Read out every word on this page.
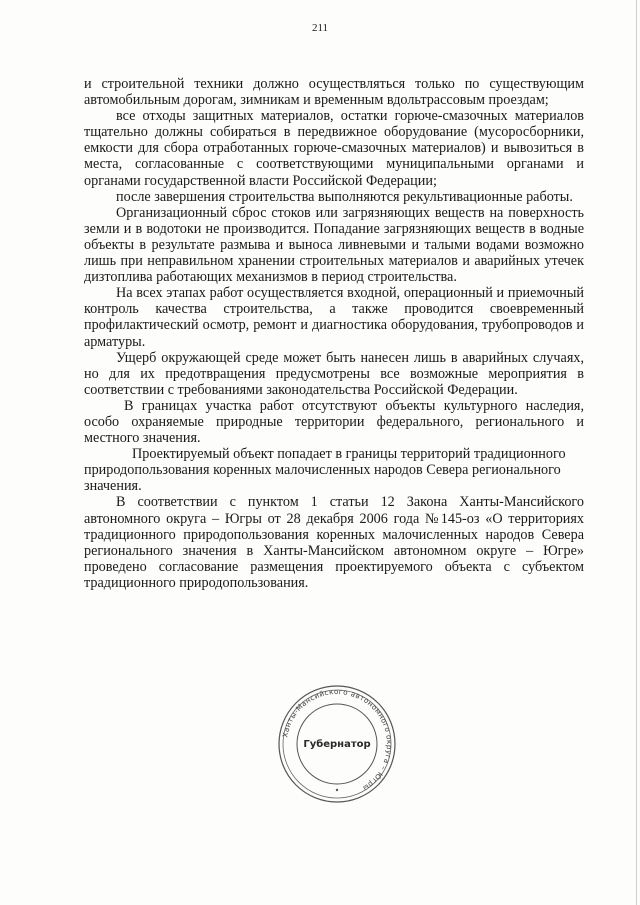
211

и строительной техники должно осуществляться только по существующим автомобильным дорогам, зимникам и временным вдольтрассовым проездам;

все отходы защитных материалов, остатки горюче-смазочных материалов тщательно должны собираться в передвижное оборудование (мусоросборники, емкости для сбора отработанных горюче-смазочных материалов) и вывозиться в места, согласованные с соответствующими муниципальными органами и органами государственной власти Российской Федерации;

после завершения строительства выполняются рекультивационные работы.

Организационный сброс стоков или загрязняющих веществ на поверхность земли и в водотоки не производится. Попадание загрязняющих веществ в водные объекты в результате размыва и выноса ливневыми и талыми водами возможно лишь при неправильном хранении строительных материалов и аварийных утечек дизтоплива работающих механизмов в период строительства.

На всех этапах работ осуществляется входной, операционный и приемочный контроль качества строительства, а также проводится своевременный профилактический осмотр, ремонт и диагностика оборудования, трубопроводов и арматуры.

Ущерб окружающей среде может быть нанесен лишь в аварийных случаях, но для их предотвращения предусмотрены все возможные мероприятия в соответствии с требованиями законодательства Российской Федерации.

В границах участка работ отсутствуют объекты культурного наследия, особо охраняемые природные территории федерального, регионального и местного значения.

Проектируемый объект попадает в границы территорий традиционного природопользования коренных малочисленных народов Севера регионального значения.

В соответствии с пунктом 1 статьи 12 Закона Ханты-Мансийского автономного округа – Югры от 28 декабря 2006 года №145-оз «О территориях традиционного природопользования коренных малочисленных народов Севера регионального значения в Ханты-Мансийском автономном округе – Югре» проведено согласование размещения проектируемого объекта с субъектом традиционного природопользования.

Ханты-Мансийского автономного округа – Югры
Губернатор
